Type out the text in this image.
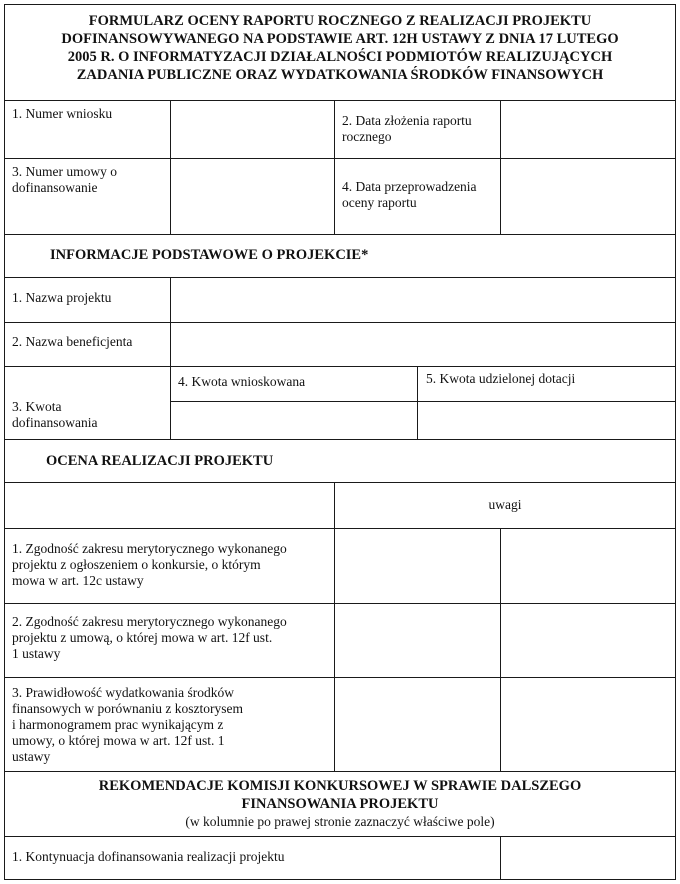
FORMULARZ OCENY RAPORTU ROCZNEGO Z REALIZACJI PROJEKTU
DOFINANSOWYWANEGO NA PODSTAWIE ART. 12H USTAWY Z DNIA 17 LUTEGO
2005 R. O INFORMATYZACJI DZIAŁALNOŚCI PODMIOTÓW REALIZUJĄCYCH
ZADANIA PUBLICZNE ORAZ WYDATKOWANIA ŚRODKÓW FINANSOWYCH
1. Numer wniosku	2. Data złożenia raportu
rocznego
3. Numer umowy o
dofinansowanie	4. Data przeprowadzenia
oceny raportu
INFORMACJE PODSTAWOWE O PROJEKCIE*
1. Nazwa projektu
2. Nazwa beneficjenta
3. Kwota
dofinansowania
4. Kwota wnioskowana	5. Kwota udzielonej dotacji
OCENA REALIZACJI PROJEKTU
uwagi
1. Zgodność zakresu merytorycznego wykonanego
projektu z ogłoszeniem o konkursie, o którym
mowa w art. 12c ustawy
2. Zgodność zakresu merytorycznego wykonanego
projektu z umową, o której mowa w art. 12f ust.
1 ustawy
3. Prawidłowość wydatkowania środków
finansowych w porównaniu z kosztorysem
i harmonogramem prac wynikającym z
umowy, o której mowa w art. 12f ust. 1
ustawy
REKOMENDACJE KOMISJI KONKURSOWEJ W SPRAWIE DALSZEGO
FINANSOWANIA PROJEKTU
(w kolumnie po prawej stronie zaznaczyć właściwe pole)
1. Kontynuacja dofinansowania realizacji projektu
